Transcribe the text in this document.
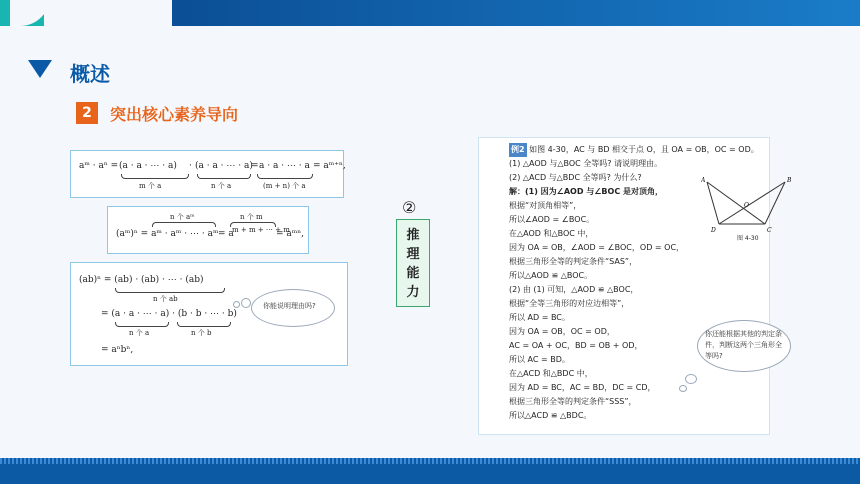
概述
2	突出核心素养导向
aᵐ · aⁿ = (a · a · ⋯ · a) · (a · a · ⋯ · a)
= a · a · ⋯ · a = aᵐ⁺ⁿ,
m 个 a	n 个 a	(m + n) 个 a
n 个 aᵐ	n 个 m
(aᵐ)ⁿ = aᵐ · aᵐ · ⋯ · aᵐ = a
m + m + ⋯ + m
= aᵐⁿ,
(ab)ⁿ = (ab) · (ab) · ⋯ · (ab)
n 个 ab
= (a · a · ⋯ · a) · (b · b · ⋯ · b)
n 个 a	n 个 b
= aⁿbⁿ,
你能说明理由吗?
②
推
理
能
力
例2 如图 4-30，AC 与 BD 相交于点 O，且 OA = OB，OC = OD。
(1) △AOD 与△BOC 全等吗? 请说明理由。
(2) △ACD 与△BDC 全等吗? 为什么?
解：(1) 因为∠AOD 与∠BOC 是对顶角，
根据“对顶角相等”，
所以∠AOD = ∠BOC。
在△AOD 和△BOC 中，
因为 OA = OB，∠AOD = ∠BOC，OD = OC，
根据三角形全等的判定条件“SAS”，
所以△AOD ≌ △BOC。
(2) 由 (1) 可知，△AOD ≌ △BOC，
根据“全等三角形的对应边相等”，
所以 AD = BC。
因为 OA = OB，OC = OD，
AC = OA + OC，BD = OB + OD，
所以 AC = BD。
在△ACD 和△BDC 中，
因为 AD = BC，AC = BD，DC = CD，
根据三角形全等的判定条件“SSS”，
所以△ACD ≌ △BDC。
A	B
O
D	C
图 4-30
你还能根据其他的判定条件，判断这两个三角形全等吗?
